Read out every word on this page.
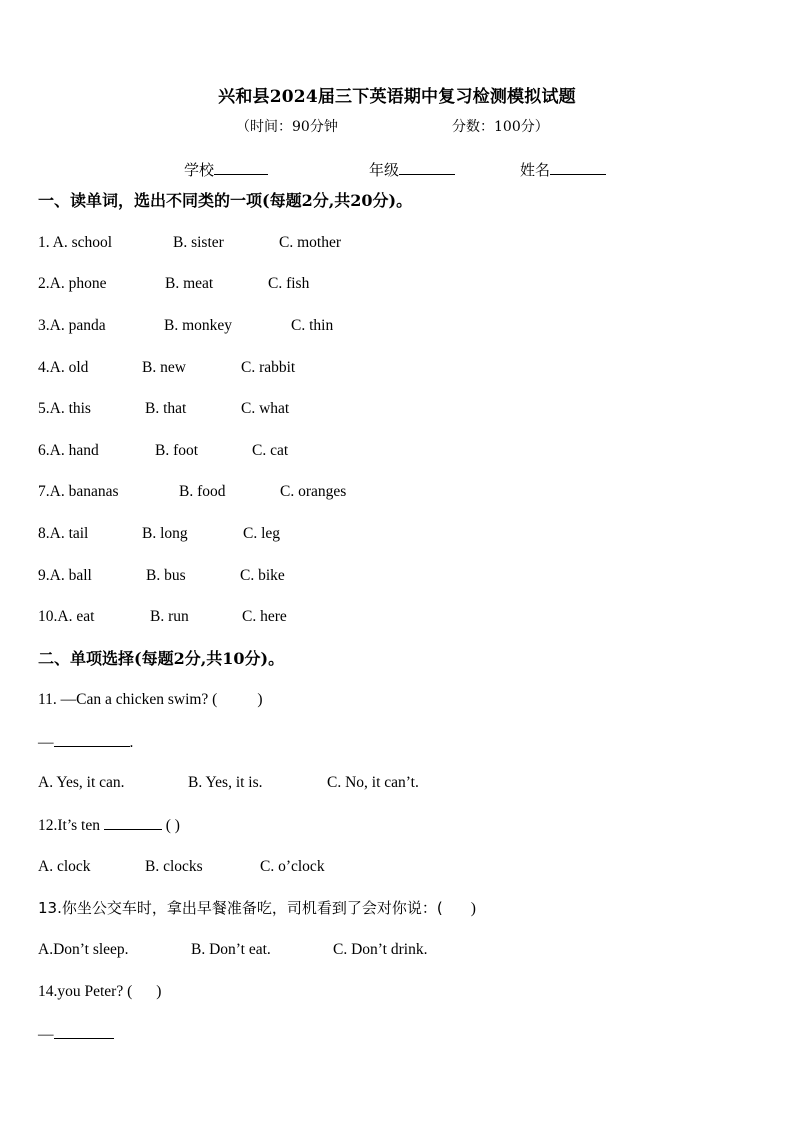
兴和县2024届三下英语期中复习检测模拟试题
（时间：90分钟	分数：100分）
学校	年级	姓名
一、读单词，选出不同类的一项(每题2分,共20分)。
1. A. school	B. sister	C. mother
2.A. phone	B. meat	C. fish
3.A. panda	B. monkey	C. thin
4.A. old	B. new	C. rabbit
5.A. this	B. that	C. what
6.A. hand	B. foot	C. cat
7.A. bananas	B. food	C. oranges
8.A. tail	B. long	C. leg
9.A. ball	B. bus	C. bike
10.A. eat	B. run	C. here
二、单项选择(每题2分,共10分)。
11. —Can a chicken swim? (	)
—	.
A. Yes, it can.	B. Yes, it is.	C. No, it can’t.
12.It’s ten	( )
A. clock	B. clocks	C. o’clock
13.你坐公交车时，拿出早餐准备吃，司机看到了会对你说：( )
A.Don’t sleep.	B. Don’t eat.	C. Don’t drink.
14.you Peter? ( )
—
